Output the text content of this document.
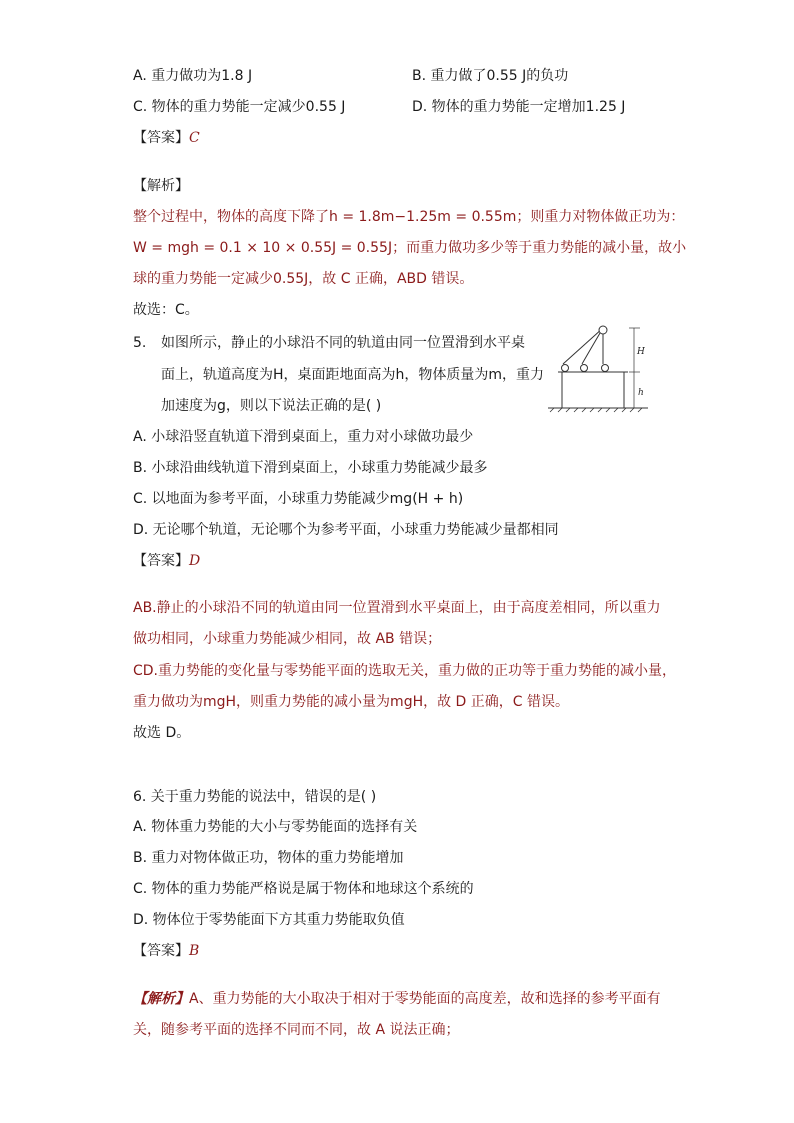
A. 重力做功为1.8 J	B. 重力做了0.55 J的负功
C. 物体的重力势能一定减少0.55 J	D. 物体的重力势能一定增加1.25 J
【答案】C
【解析】
整个过程中，物体的高度下降了h = 1.8m−1.25m = 0.55m；则重力对物体做正功为：
W = mgh = 0.1 × 10 × 0.55J = 0.55J；而重力做功多少等于重力势能的减小量，故小
球的重力势能一定减少0.55J，故 C 正确，ABD 错误。
故选：C。
5. 如图所示，静止的小球沿不同的轨道由同一位置滑到水平桌
面上，轨道高度为H，桌面距地面高为h，物体质量为m，重力
加速度为g，则以下说法正确的是( )
H
h
A. 小球沿竖直轨道下滑到桌面上，重力对小球做功最少
B. 小球沿曲线轨道下滑到桌面上，小球重力势能减少最多
C. 以地面为参考平面，小球重力势能减少mg(H + h)
D. 无论哪个轨道，无论哪个为参考平面，小球重力势能减少量都相同
【答案】D
AB.静止的小球沿不同的轨道由同一位置滑到水平桌面上，由于高度差相同，所以重力
做功相同，小球重力势能减少相同，故 AB 错误；
CD.重力势能的变化量与零势能平面的选取无关，重力做的正功等于重力势能的减小量，
重力做功为mgH，则重力势能的减小量为mgH，故 D 正确，C 错误。
故选 D。
6. 关于重力势能的说法中，错误的是( )
A. 物体重力势能的大小与零势能面的选择有关
B. 重力对物体做正功，物体的重力势能增加
C. 物体的重力势能严格说是属于物体和地球这个系统的
D. 物体位于零势能面下方其重力势能取负值
【答案】B
【解析】A、重力势能的大小取决于相对于零势能面的高度差，故和选择的参考平面有
关，随参考平面的选择不同而不同，故 A 说法正确；
